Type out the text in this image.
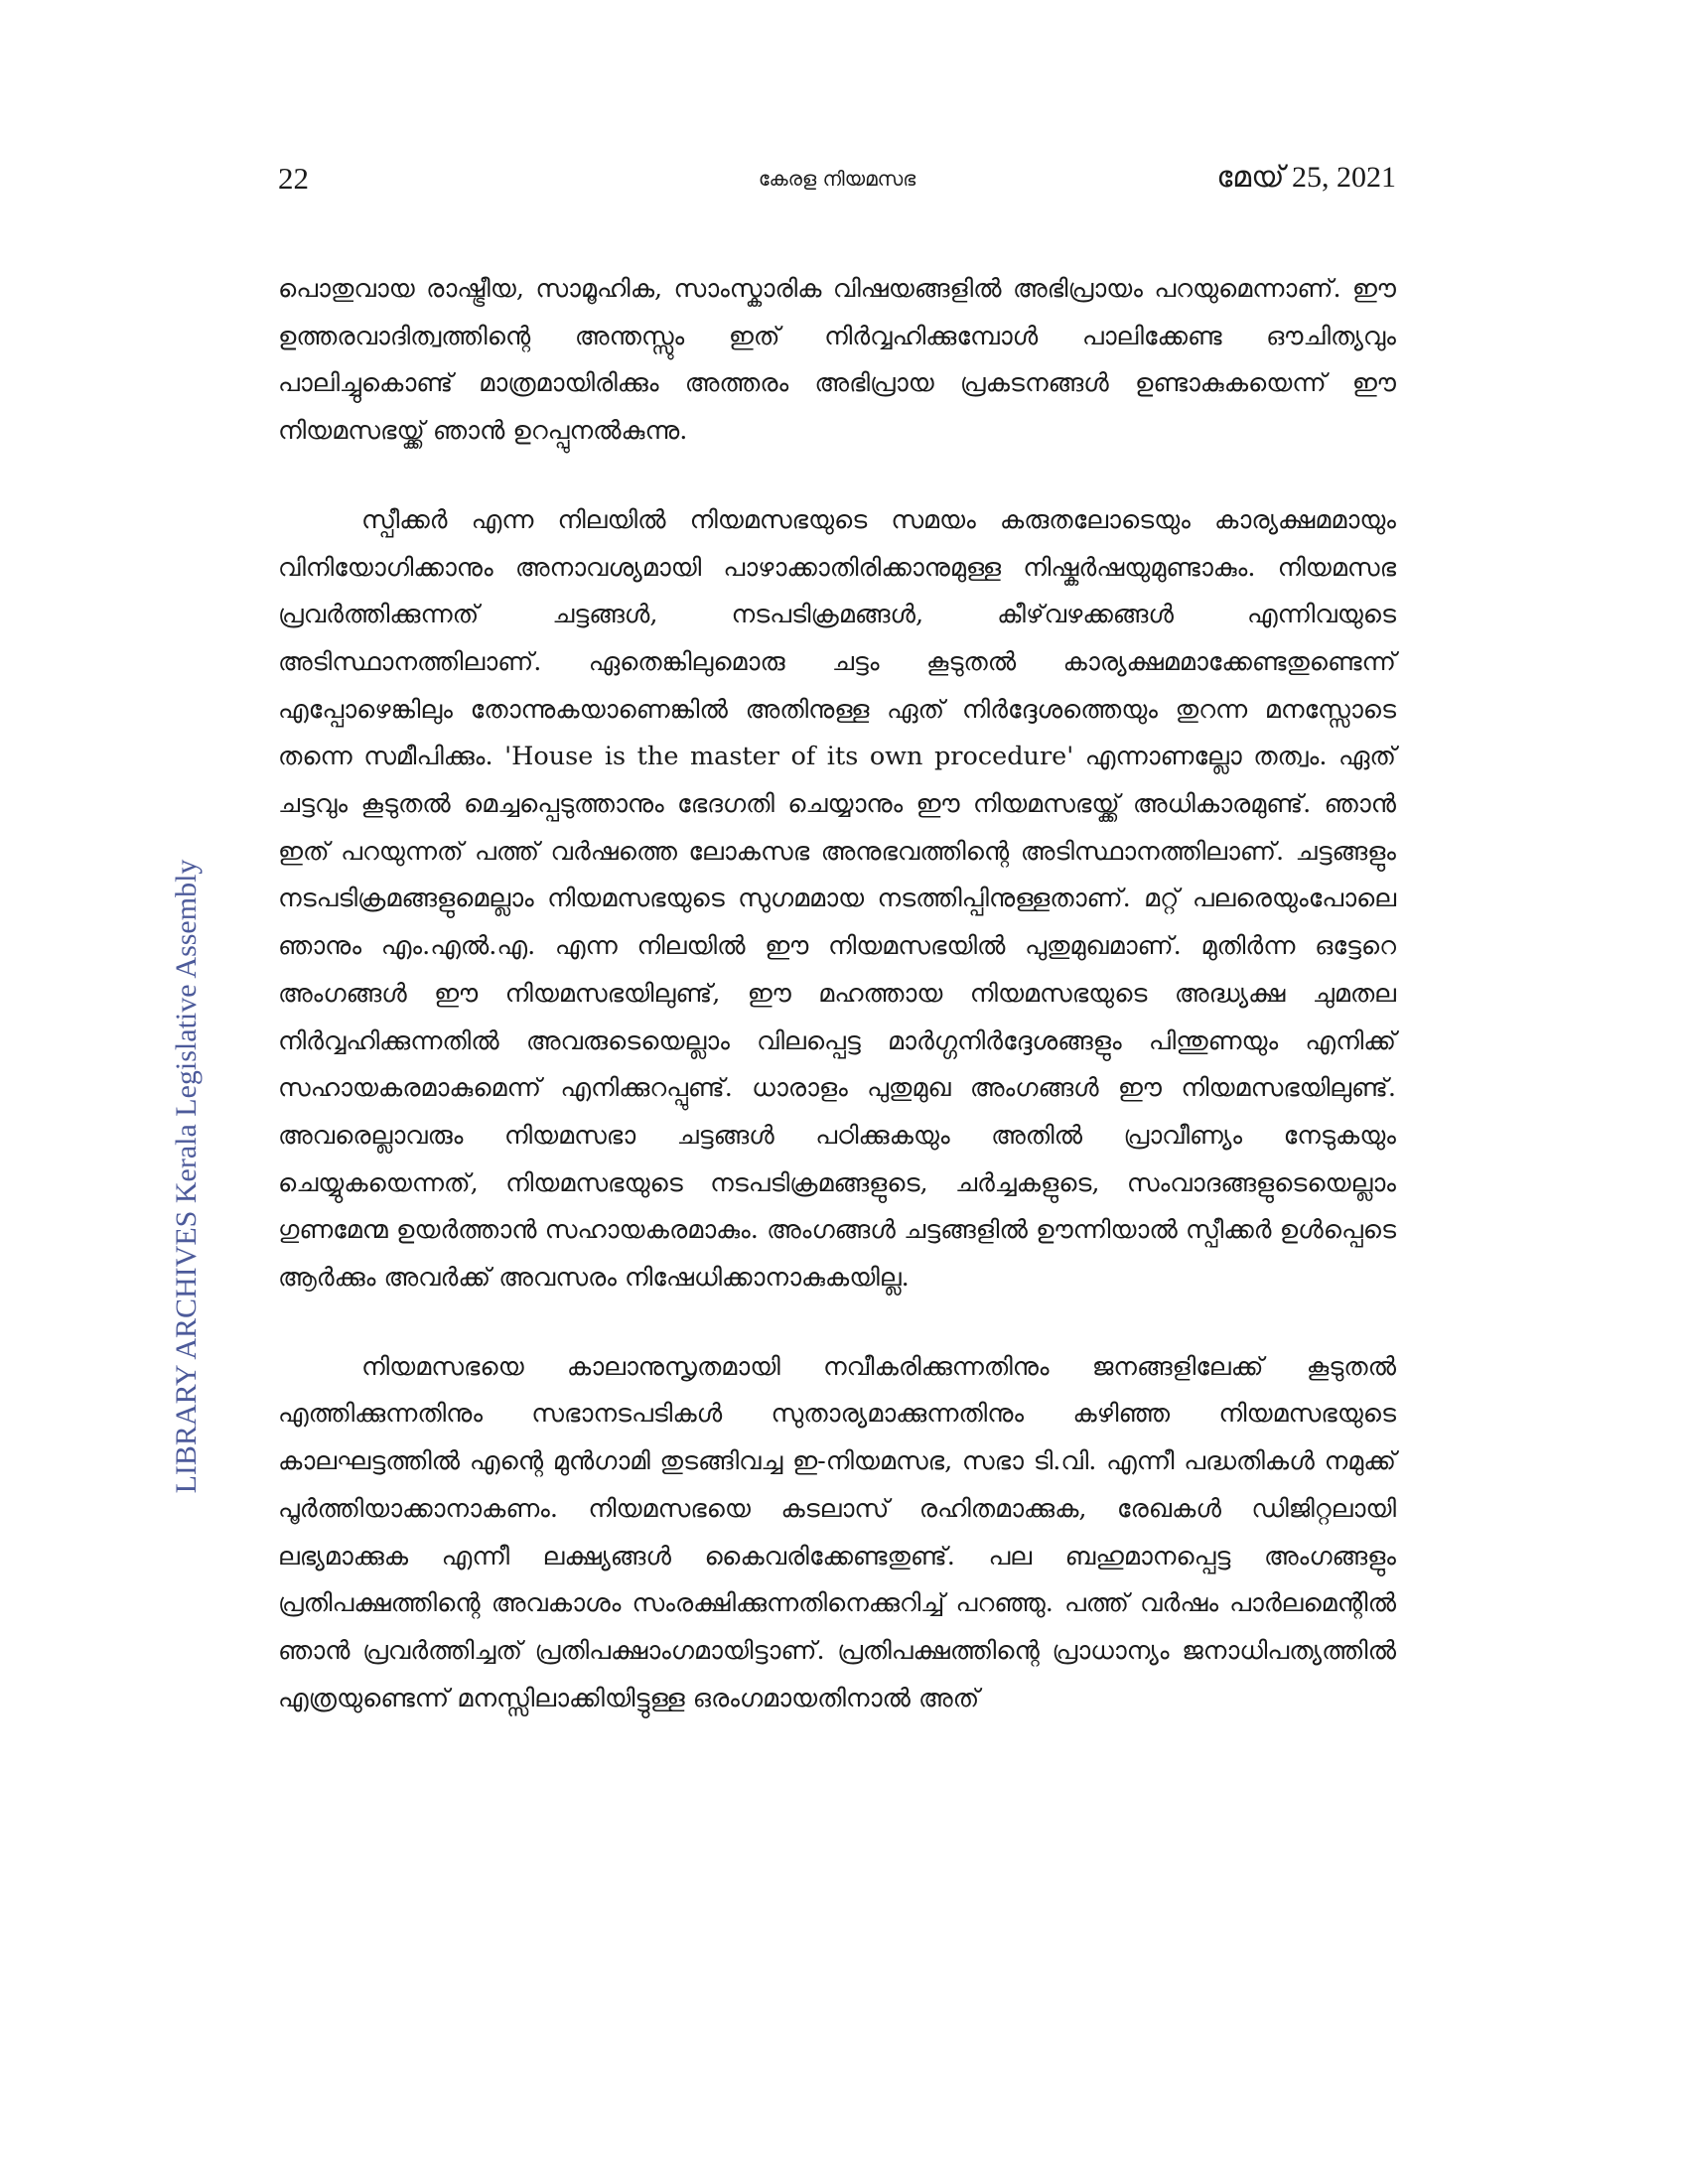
22	കേരള നിയമസഭ	മേയ് 25, 2021
LIBRARY ARCHIVES Kerala Legislative Assembly

പൊതുവായ രാഷ്ട്രീയ, സാമൂഹിക, സാംസ്കാരിക വിഷയങ്ങളിൽ അഭിപ്രായം പറയുമെന്നാണ്. ഈ ഉത്തരവാദിത്വത്തിന്റെ അന്തസ്സും ഇത് നിർവ്വഹിക്കുമ്പോൾ പാലിക്കേണ്ട ഔചിത്യവും പാലിച്ചുകൊണ്ട് മാത്രമായിരിക്കും അത്തരം അഭിപ്രായ പ്രകടനങ്ങൾ ഉണ്ടാകുകയെന്ന് ഈ നിയമസഭയ്ക്ക് ഞാൻ ഉറപ്പുനൽകുന്നു.

സ്പീക്കർ എന്ന നിലയിൽ നിയമസഭയുടെ സമയം കരുതലോടെയും കാര്യക്ഷമമായും വിനിയോഗിക്കാനും അനാവശ്യമായി പാഴാക്കാതിരിക്കാനുമുള്ള നിഷ്കർഷയുമുണ്ടാകും. നിയമസഭ പ്രവർത്തിക്കുന്നത് ചട്ടങ്ങൾ, നടപടിക്രമങ്ങൾ, കീഴ്‌വഴക്കങ്ങൾ എന്നിവയുടെ അടിസ്ഥാനത്തിലാണ്. ഏതെങ്കിലുമൊരു ചട്ടം കൂടുതൽ കാര്യക്ഷമമാക്കേണ്ടതുണ്ടെന്ന് എപ്പോഴെങ്കിലും തോന്നുകയാണെങ്കിൽ അതിനുള്ള ഏത് നിർദ്ദേശത്തെയും തുറന്ന മനസ്സോടെ തന്നെ സമീപിക്കും. 'House is the master of its own procedure' എന്നാണല്ലോ തത്വം. ഏത് ചട്ടവും കൂടുതൽ മെച്ചപ്പെടുത്താനും ഭേദഗതി ചെയ്യാനും ഈ നിയമസഭയ്ക്ക് അധികാരമുണ്ട്. ഞാൻ ഇത് പറയുന്നത് പത്ത് വർഷത്തെ ലോകസഭ അനുഭവത്തിന്റെ അടിസ്ഥാനത്തിലാണ്. ചട്ടങ്ങളും നടപടിക്രമങ്ങളുമെല്ലാം നിയമസഭയുടെ സുഗമമായ നടത്തിപ്പിനുള്ളതാണ്. മറ്റ് പലരെയുംപോലെ ഞാനും എം.എൽ.എ. എന്ന നിലയിൽ ഈ നിയമസഭയിൽ പുതുമുഖമാണ്. മുതിർന്ന ഒട്ടേറെ അംഗങ്ങൾ ഈ നിയമസഭയിലുണ്ട്, ഈ മഹത്തായ നിയമസഭയുടെ അദ്ധ്യക്ഷ ചുമതല നിർവ്വഹിക്കുന്നതിൽ അവരുടെയെല്ലാം വിലപ്പെട്ട മാർഗ്ഗനിർദ്ദേശങ്ങളും പിന്തുണയും എനിക്ക് സഹായകരമാകുമെന്ന് എനിക്കുറപ്പുണ്ട്. ധാരാളം പുതുമുഖ അംഗങ്ങൾ ഈ നിയമസഭയിലുണ്ട്. അവരെല്ലാവരും നിയമസഭാ ചട്ടങ്ങൾ പഠിക്കുകയും അതിൽ പ്രാവീണ്യം നേടുകയും ചെയ്യുകയെന്നത്, നിയമസഭയുടെ നടപടിക്രമങ്ങളുടെ, ചർച്ചകളുടെ, സംവാദങ്ങളുടെയെല്ലാം ഗുണമേന്മ ഉയർത്താൻ സഹായകരമാകും. അംഗങ്ങൾ ചട്ടങ്ങളിൽ ഊന്നിയാൽ സ്പീക്കർ ഉൾപ്പെടെ ആർക്കും അവർക്ക് അവസരം നിഷേധിക്കാനാകുകയില്ല.

നിയമസഭയെ കാലാനുസൃതമായി നവീകരിക്കുന്നതിനും ജനങ്ങളിലേക്ക് കൂടുതൽ എത്തിക്കുന്നതിനും സഭാനടപടികൾ സുതാര്യമാക്കുന്നതിനും കഴിഞ്ഞ നിയമസഭയുടെ കാലഘട്ടത്തിൽ എന്റെ മുൻഗാമി തുടങ്ങിവച്ച ഇ-നിയമസഭ, സഭാ ടി.വി. എന്നീ പദ്ധതികൾ നമുക്ക് പൂർത്തിയാക്കാനാകണം. നിയമസഭയെ കടലാസ് രഹിതമാക്കുക, രേഖകൾ ഡിജിറ്റലായി ലഭ്യമാക്കുക എന്നീ ലക്ഷ്യങ്ങൾ കൈവരിക്കേണ്ടതുണ്ട്. പല ബഹുമാനപ്പെട്ട അംഗങ്ങളും പ്രതിപക്ഷത്തിന്റെ അവകാശം സംരക്ഷിക്കുന്നതിനെക്കുറിച്ച് പറഞ്ഞു. പത്ത് വർഷം പാർലമെന്റിൽ ഞാൻ പ്രവർത്തിച്ചത് പ്രതിപക്ഷാംഗമായിട്ടാണ്. പ്രതിപക്ഷത്തിന്റെ പ്രാധാന്യം ജനാധിപത്യത്തിൽ എത്രയുണ്ടെന്ന് മനസ്സിലാക്കിയിട്ടുള്ള ഒരംഗമായതിനാൽ അത്
